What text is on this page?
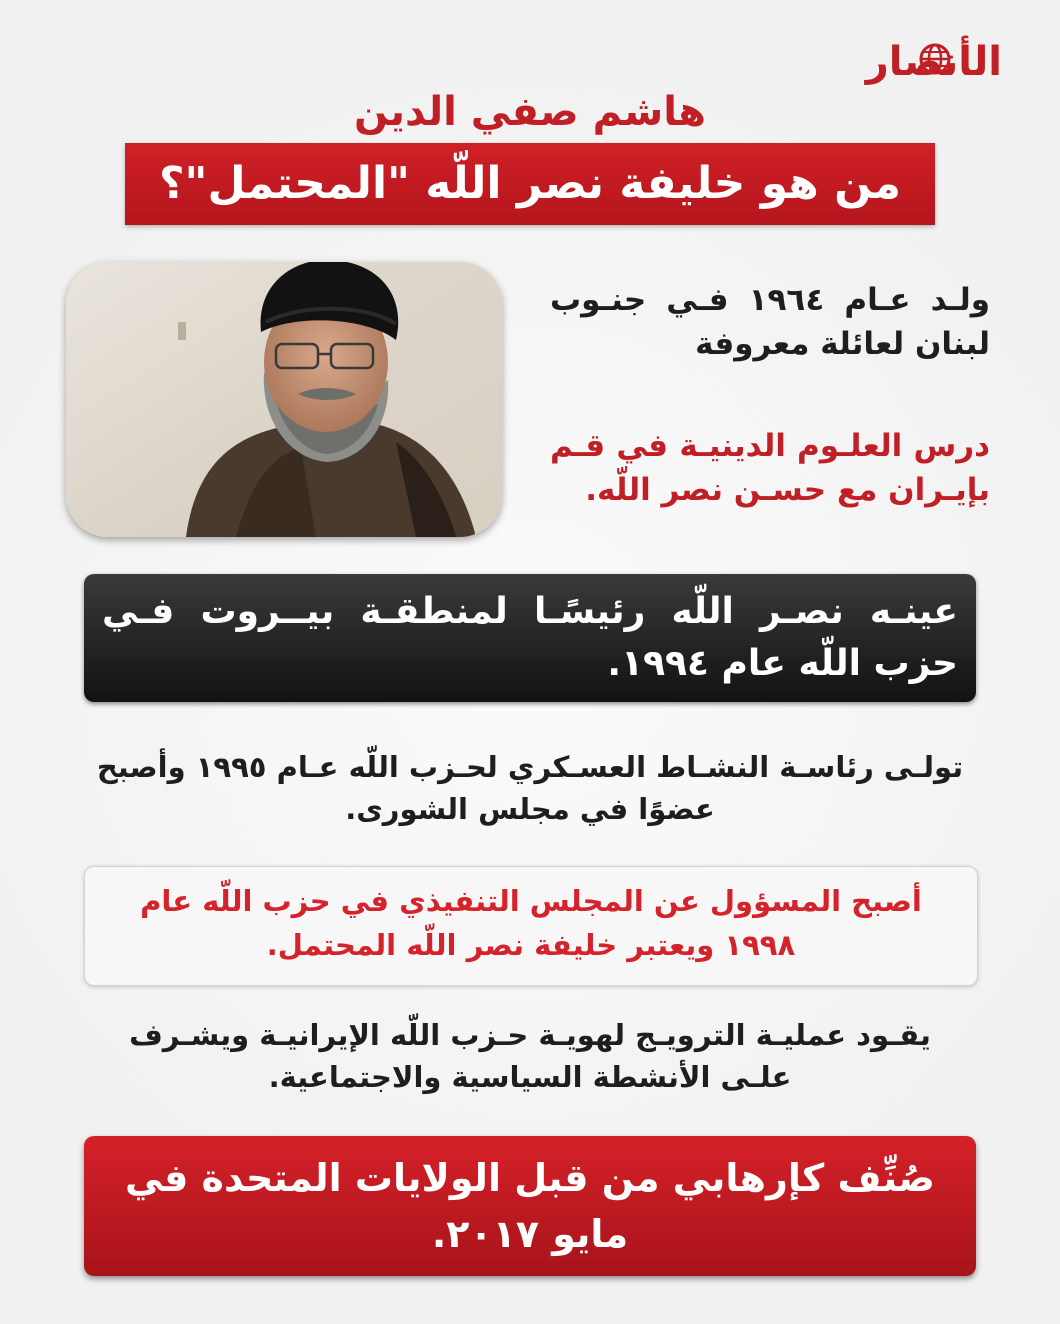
الأنصار
هاشم صفي الدين
من هو خليفة نصر اللّه "المحتمل"؟
ولـد عـام ١٩٦٤ فـي جنـوب لبنان لعائلة معروفة
درس العلـوم الدينيـة في قـم بإيـران مع حسـن نصر اللّه.

عينـه نصـر اللّه رئيسًـا لمنطقـة بيــروت فـي حزب اللّه عام ١٩٩٤.

تولـى رئاسـة النشـاط العسـكري لحـزب اللّه عـام ١٩٩٥ وأصبح عضوًا في مجلس الشورى.

أصبح المسؤول عن المجلس التنفيذي في حزب اللّه عام ١٩٩٨ ويعتبر خليفة نصر اللّه المحتمل.

يقـود عمليـة الترويـج لهويـة حـزب اللّه الإيرانيـة ويشـرف علـى الأنشطة السياسية والاجتماعية.

صُنِّف كإرهابي من قبل الولايات المتحدة في مايو ٢٠١٧.
